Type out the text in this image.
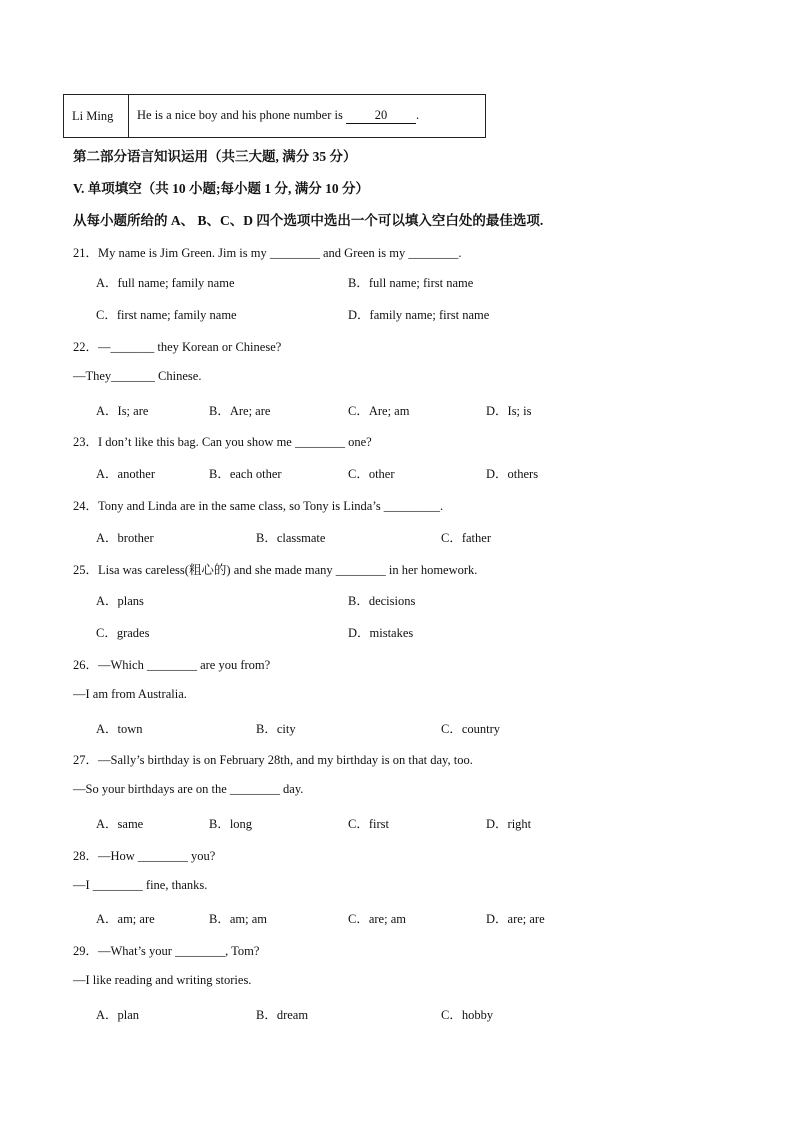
Li Ming	He is a nice boy and his phone number is 20 .
第二部分语言知识运用（共三大题, 满分 35 分）
V. 单项填空（共 10 小题;每小题 1 分, 满分 10 分）
从每小题所给的 A、 B、C、D 四个选项中选出一个可以填入空白处的最佳选项.
21．My name is Jim Green. Jim is my ________ and Green is my ________.
A．full name; family name	B．full name; first name
C．first name; family name	D．family name; first name
22．—_______ they Korean or Chinese?
—They_______ Chinese.
A．Is; are	B．Are; are	C．Are; am	D．Is; is
23．I don’t like this bag. Can you show me ________ one?
A．another	B．each other	C．other	D．others
24．Tony and Linda are in the same class, so Tony is Linda’s _________.
A．brother	B．classmate	C．father
25．Lisa was careless(粗心的) and she made many ________ in her homework.
A．plans	B．decisions
C．grades	D．mistakes
26．—Which ________ are you from?
—I am from Australia.
A．town	B．city	C．country
27．—Sally’s birthday is on February 28th, and my birthday is on that day, too.
—So your birthdays are on the ________ day.
A．same	B．long	C．first	D．right
28．—How ________ you?
—I ________ fine, thanks.
A．am; are	B．am; am	C．are; am	D．are; are
29．—What’s your ________, Tom?
—I like reading and writing stories.
A．plan	B．dream	C．hobby
